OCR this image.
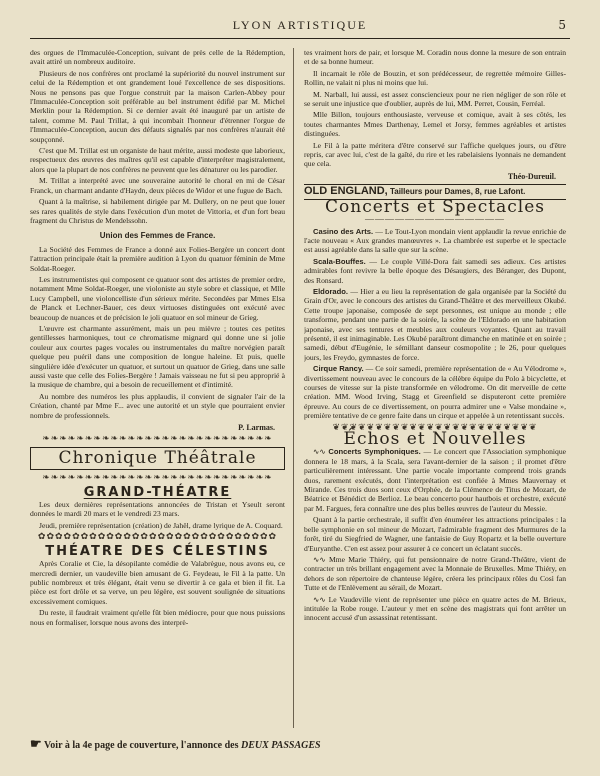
LYON ARTISTIQUE	5

des orgues de l'Immaculée-Conception, suivant de près celle de la Rédemption, avait attiré un nombreux auditoire.

Plusieurs de nos confrères ont proclamé la supériorité du nouvel instrument sur celui de la Rédemption et ont grandement loué l'excellence de ses dispositions. Nous ne pensons pas que l'orgue construit par la maison Carlen-Abbey pour l'Immaculée-Conception soit préférable au bel instrument édifié par M. Michel Merklin pour la Rédemption. Si ce dernier avait été inauguré par un artiste de talent, comme M. Paul Trillat, à qui incombait l'honneur d'étrenner l'orgue de l'Immaculée-Conception, aucun des défauts signalés par nos confrères n'aurait été soupçonné.

C'est que M. Trillat est un organiste de haut mérite, aussi modeste que laborieux, respectueux des œuvres des maîtres qu'il est capable d'interpréter magistralement, alors que la plupart de nos confrères ne peuvent que les dénaturer ou les parodier.

M. Trillat a interprété avec une souveraine autorité le choral en mi de César Franck, un charmant andante d'Haydn, deux pièces de Widor et une fugue de Bach.

Quant à la maîtrise, si habilement dirigée par M. Dullery, on ne peut que louer ses rares qualités de style dans l'exécution d'un motet de Vittoria, et d'un fort beau fragment du Christus de Mendelssohn.

Union des Femmes de France.

La Société des Femmes de France a donné aux Folies-Bergère un concert dont l'attraction principale était la première audition à Lyon du quatuor féminin de Mme Soldat-Roeger.

Les instrumentistes qui composent ce quatuor sont des artistes de premier ordre, notamment Mme Soldat-Roeger, une violoniste au style sobre et classique, et Mlle Lucy Campbell, une violoncelliste d'un sérieux mérite. Secondées par Mmes Elsa de Planck et Lechner-Bauer, ces deux virtuoses distinguées ont exécuté avec beaucoup de nuances et de précision le joli quatuor en sol mineur de Grieg.

L'œuvre est charmante assurément, mais un peu mièvre ; toutes ces petites gentillesses harmoniques, tout ce chromatisme mignard qui donne une si jolie couleur aux courtes pages vocales ou instrumentales du maître norvégien paraît quelque peu puéril dans une composition de longue haleine. Et puis, quelle singulière idée d'exécuter un quatuor, et surtout un quatuor de Grieg, dans une salle aussi vaste que celle des Folies-Bergère ! Jamais vaisseau ne fut si peu approprié à la musique de chambre, qui a besoin de recueillement et d'intimité.

Au nombre des numéros les plus applaudis, il convient de signaler l'air de la Création, chanté par Mme F... avec une autorité et un style que pourraient envier nombre de professionnels.

P. Larmas.
❧❧❧❧❧❧❧❧❧❧❧❧❧❧❧❧❧❧❧❧❧❧❧❧❧❧❧
Chronique Théâtrale
❧❧❧❧❧❧❧❧❧❧❧❧❧❧❧❧❧❧❧❧❧❧❧❧❧❧❧
GRAND-THÉATRE

Les deux dernières représentations annoncées de Tristan et Yseult seront données le mardi 20 mars et le vendredi 23 mars.

Jeudi, première représentation (création) de Jahël, drame lyrique de A. Coquard.

✿✿✿✿✿✿✿✿✿✿✿✿✿✿✿✿✿✿✿✿✿✿✿✿✿✿✿✿
THÉATRE DES CÉLESTINS

Après Coralie et Cie, la désopilante comédie de Valabrègue, nous avons eu, ce mercredi dernier, un vaudeville bien amusant de G. Feydeau, le Fil à la patte. Un public nombreux et très élégant, était venu se divertir à ce gala et bien il fit. La pièce est fort drôle et sa verve, un peu légère, est souvent soulignée de situations excessivement comiques.

Du reste, il faudrait vraiment qu'elle fût bien médiocre, pour que nous puissions nous en formaliser, lorsque nous avons des interprè-

tes vraiment hors de pair, et lorsque M. Coradin nous donne la mesure de son entrain et de sa bonne humeur.

Il incarnait le rôle de Bouzin, et son prédécesseur, de regrettée mémoire Gilles-Rollin, ne valait ni plus ni moins que lui.

M. Narball, lui aussi, est assez consciencieux pour ne rien négliger de son rôle et se seruit une injustice que d'oublier, auprès de lui, MM. Perret, Cousin, Ferréal.

Mlle Billon, toujours enthousiaste, verveuse et comique, avait à ses côtés, les toutes charmantes Mmes Darthenay, Lemel et Jorsy, femmes agréables et artistes distinguées.

Le Fil à la patte méritera d'être conservé sur l'affiche quelques jours, ou d'être repris, car avec lui, c'est de la gaîté, du rire et les rabelaisiens lyonnais ne demandent que cela.

Théo-Dureuil.
OLD ENGLAND, Tailleurs pour Dames, 8, rue Lafont.
Concerts et Spectacles
——————————————

Casino des Arts. — Le Tout-Lyon mondain vient applaudir la revue enrichie de l'acte nouveau « Aux grandes manœuvres ». La chambrée est superbe et le spectacle est aussi agréable dans la salle que sur la scène.

Scala-Bouffes. — Le couple Villé-Dora fait samedi ses adieux. Ces artistes admirables font revivre la belle époque des Désaugiers, des Béranger, des Dupont, des Ronsard.

Eldorado. — Hier a eu lieu la représentation de gala organisée par la Société du Grain d'Or, avec le concours des artistes du Grand-Théâtre et des merveilleux Okubé. Cette troupe japonaise, composée de sept personnes, est unique au monde ; elle transforme, pendant une partie de la soirée, la scène de l'Eldorado en une habitation japonaise, avec ses tentures et meubles aux couleurs voyantes. Quant au travail présenté, il est inimaginable. Les Okubé paraîtront dimanche en matinée et en soirée ; samedi, début d'Eugénie, le sémillant danseur cosmopolite ; le 26, pour quelques jours, les Freydo, gymnastes de force.

Cirque Rancy. — Ce soir samedi, première représentation de « Au Vélodrome », divertissement nouveau avec le concours de la célèbre équipe du Polo à bicyclette, et courses de vitesse sur la piste transformée en vélodrome. On dit merveille de cette création. MM. Wood Irving, Stagg et Greenfield se disputeront cette première épreuve. Au cours de ce divertissement, on pourra admirer une « Valse mondaine », première tentative de ce genre faite dans un cirque et appelée à un retentissant succès.

❦❦❦❦❦❦❦❦❦❦❦❦❦❦❦❦❦❦❦❦❦❦❦❦
Échos et Nouvelles

∿∿ Concerts Symphoniques. — Le concert que l'Association symphonique donnera le 18 mars, à la Scala, sera l'avant-dernier de la saison ; il promet d'être particulièrement intéressant. Une partie vocale importante comprend trois grands duos, rarement exécutés, dont l'interprétation est confiée à Mmes Mauvernay et Mirande. Ces trois duos sont ceux d'Orphée, de la Clémence de Titus de Mozart, de Béatrice et Bénédict de Berlioz. Le beau concerto pour hautbois et orchestre, exécuté par M. Fargues, fera connaître une des plus belles œuvres de l'auteur du Messie.

Quant à la partie orchestrale, il suffit d'en énumérer les attractions principales : la belle symphonie en sol mineur de Mozart, l'admirable fragment des Murmures de la forêt, tiré du Siegfried de Wagner, une fantaisie de Guy Ropartz et la belle ouverture d'Euryanthe. C'en est assez pour assurer à ce concert un éclatant succès.

∿∿ Mme Marie Thiéry, qui fut pensionnaire de notre Grand-Théâtre, vient de contracter un très brillant engagement avec la Monnaie de Bruxelles. Mme Thiéry, en dehors de son répertoire de chanteuse légère, créera les principaux rôles du Così fan Tutte et de l'Enlèvement au sérail, de Mozart.

∿∿ Le Vaudeville vient de représenter une pièce en quatre actes de M. Brieux, intitulée la Robe rouge. L'auteur y met en scène des magistrats qui font arrêter un innocent accusé d'un assassinat retentissant.

☛ Voir à la 4e page de couverture, l'annonce des DEUX PASSAGES
